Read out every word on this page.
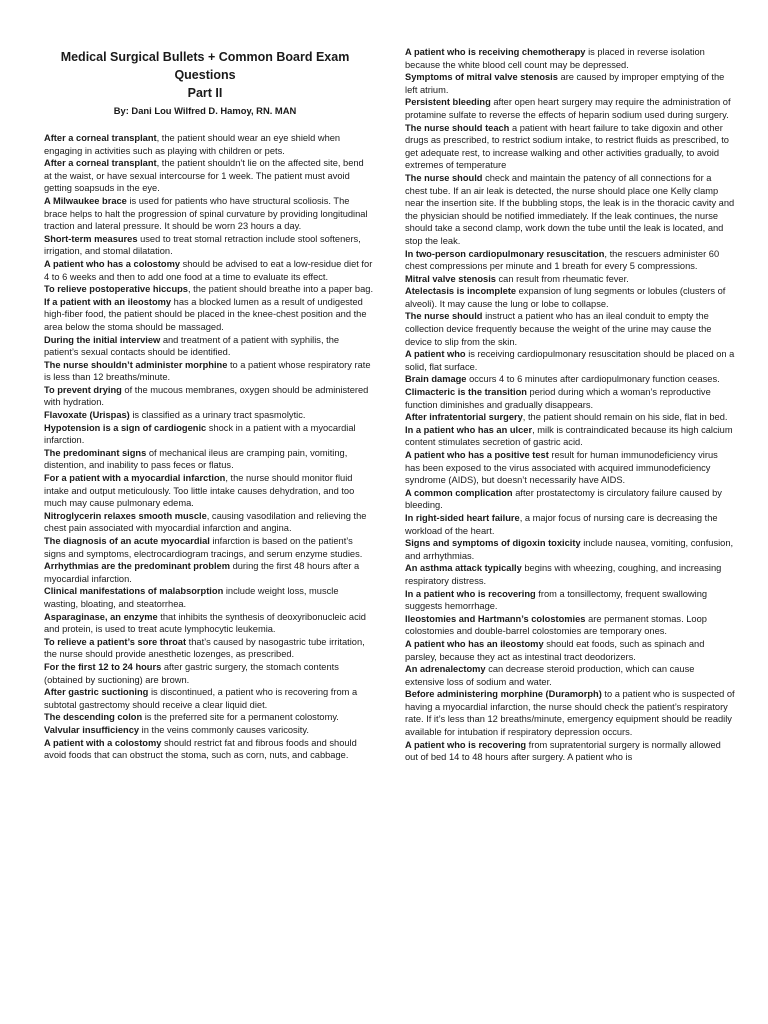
Medical Surgical Bullets + Common Board Exam
Questions
Part II
By: Dani Lou Wilfred D. Hamoy, RN. MAN

After a corneal transplant, the patient should wear an eye shield when engaging in activities such as playing with children or pets.

After a corneal transplant, the patient shouldn’t lie on the affected site, bend at the waist, or have sexual intercourse for 1 week. The patient must avoid getting soapsuds in the eye.

A Milwaukee brace is used for patients who have structural scoliosis. The brace helps to halt the progression of spinal curvature by providing longitudinal traction and lateral pressure. It should be worn 23 hours a day.

Short-term measures used to treat stomal retraction include stool softeners, irrigation, and stomal dilatation.

A patient who has a colostomy should be advised to eat a low-residue diet for 4 to 6 weeks and then to add one food at a time to evaluate its effect.

To relieve postoperative hiccups, the patient should breathe into a paper bag.

If a patient with an ileostomy has a blocked lumen as a result of undigested high-fiber food, the patient should be placed in the knee-chest position and the area below the stoma should be massaged.

During the initial interview and treatment of a patient with syphilis, the patient’s sexual contacts should be identified.

The nurse shouldn’t administer morphine to a patient whose respiratory rate is less than 12 breaths/minute.

To prevent drying of the mucous membranes, oxygen should be administered with hydration.

Flavoxate (Urispas) is classified as a urinary tract spasmolytic.

Hypotension is a sign of cardiogenic shock in a patient with a myocardial infarction.

The predominant signs of mechanical ileus are cramping pain, vomiting, distention, and inability to pass feces or flatus.

For a patient with a myocardial infarction, the nurse should monitor fluid intake and output meticulously. Too little intake causes dehydration, and too much may cause pulmonary edema.

Nitroglycerin relaxes smooth muscle, causing vasodilation and relieving the chest pain associated with myocardial infarction and angina.

The diagnosis of an acute myocardial infarction is based on the patient’s signs and symptoms, electrocardiogram tracings, and serum enzyme studies.

Arrhythmias are the predominant problem during the first 48 hours after a myocardial infarction.

Clinical manifestations of malabsorption include weight loss, muscle wasting, bloating, and steatorrhea.

Asparaginase, an enzyme that inhibits the synthesis of deoxyribonucleic acid and protein, is used to treat acute lymphocytic leukemia.

To relieve a patient’s sore throat that’s caused by nasogastric tube irritation, the nurse should provide anesthetic lozenges, as prescribed.

For the first 12 to 24 hours after gastric surgery, the stomach contents (obtained by suctioning) are brown.

After gastric suctioning is discontinued, a patient who is recovering from a subtotal gastrectomy should receive a clear liquid diet.

The descending colon is the preferred site for a permanent colostomy.

Valvular insufficiency in the veins commonly causes varicosity.

A patient with a colostomy should restrict fat and fibrous foods and should avoid foods that can obstruct the stoma, such as corn, nuts, and cabbage.

A patient who is receiving chemotherapy is placed in reverse isolation because the white blood cell count may be depressed.

Symptoms of mitral valve stenosis are caused by improper emptying of the left atrium.

Persistent bleeding after open heart surgery may require the administration of protamine sulfate to reverse the effects of heparin sodium used during surgery.

The nurse should teach a patient with heart failure to take digoxin and other drugs as prescribed, to restrict sodium intake, to restrict fluids as prescribed, to get adequate rest, to increase walking and other activities gradually, to avoid extremes of temperature

The nurse should check and maintain the patency of all connections for a chest tube. If an air leak is detected, the nurse should place one Kelly clamp near the insertion site. If the bubbling stops, the leak is in the thoracic cavity and the physician should be notified immediately. If the leak continues, the nurse should take a second clamp, work down the tube until the leak is located, and stop the leak.

In two-person cardiopulmonary resuscitation, the rescuers administer 60 chest compressions per minute and 1 breath for every 5 compressions.

Mitral valve stenosis can result from rheumatic fever.

Atelectasis is incomplete expansion of lung segments or lobules (clusters of alveoli). It may cause the lung or lobe to collapse.

The nurse should instruct a patient who has an ileal conduit to empty the collection device frequently because the weight of the urine may cause the device to slip from the skin.

A patient who is receiving cardiopulmonary resuscitation should be placed on a solid, flat surface.

Brain damage occurs 4 to 6 minutes after cardiopulmonary function ceases.

Climacteric is the transition period during which a woman’s reproductive function diminishes and gradually disappears.

After infratentorial surgery, the patient should remain on his side, flat in bed.

In a patient who has an ulcer, milk is contraindicated because its high calcium content stimulates secretion of gastric acid.

A patient who has a positive test result for human immunodeficiency virus has been exposed to the virus associated with acquired immunodeficiency syndrome (AIDS), but doesn’t necessarily have AIDS.

A common complication after prostatectomy is circulatory failure caused by bleeding.

In right-sided heart failure, a major focus of nursing care is decreasing the workload of the heart.

Signs and symptoms of digoxin toxicity include nausea, vomiting, confusion, and arrhythmias.

An asthma attack typically begins with wheezing, coughing, and increasing respiratory distress.

In a patient who is recovering from a tonsillectomy, frequent swallowing suggests hemorrhage.

Ileostomies and Hartmann’s colostomies are permanent stomas. Loop colostomies and double-barrel colostomies are temporary ones.

A patient who has an ileostomy should eat foods, such as spinach and parsley, because they act as intestinal tract deodorizers.

An adrenalectomy can decrease steroid production, which can cause extensive loss of sodium and water.

Before administering morphine (Duramorph) to a patient who is suspected of having a myocardial infarction, the nurse should check the patient’s respiratory rate. If it’s less than 12 breaths/minute, emergency equipment should be readily available for intubation if respiratory depression occurs.

A patient who is recovering from supratentorial surgery is normally allowed out of bed 14 to 48 hours after surgery. A patient who is
